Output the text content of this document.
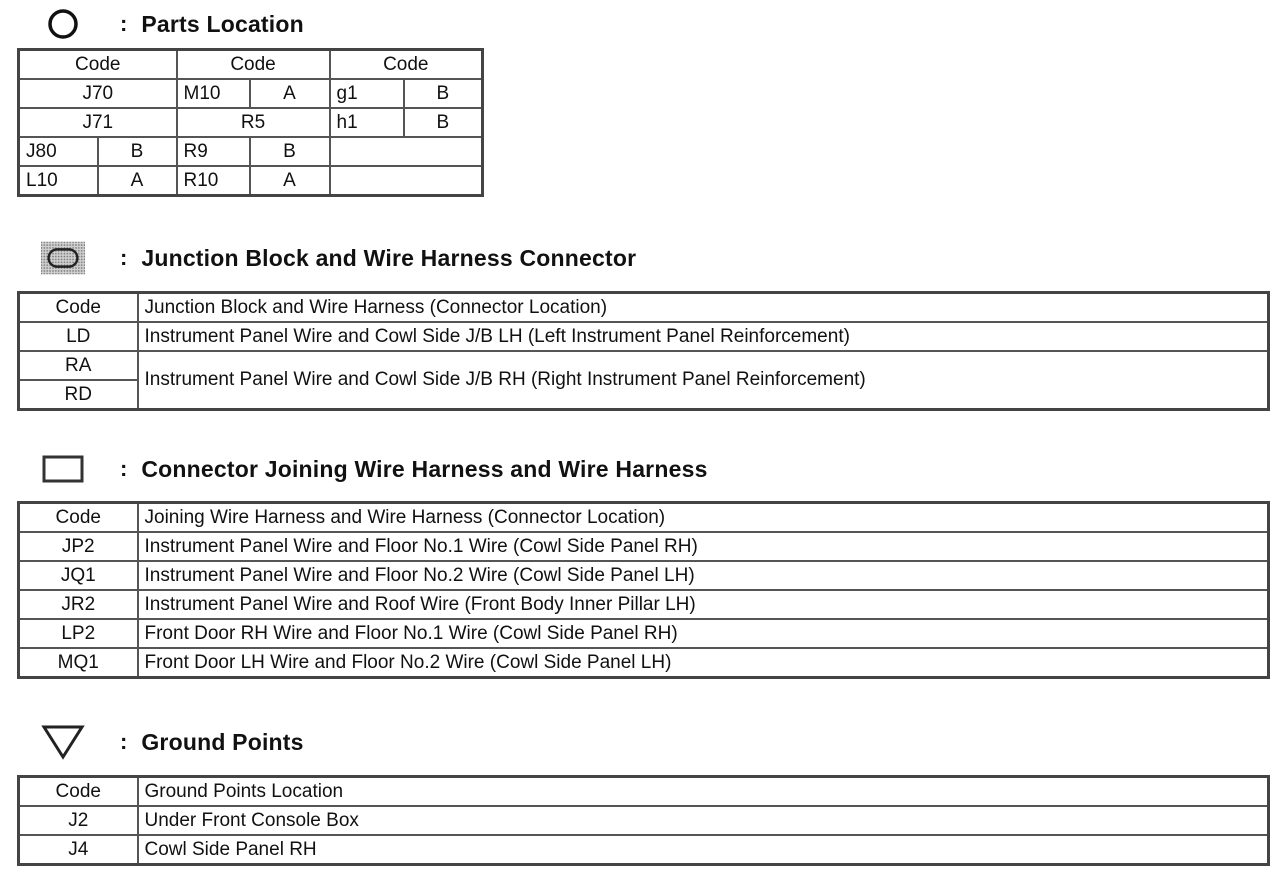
: Parts Location
Code		Code		Code	
J70		M10	A	g1	B
J71		R5		h1	B
J80	B	R9	B		
L10	A	R10	A		
: Junction Block and Wire Harness Connector
Code	Junction Block and Wire Harness (Connector Location)
LD	Instrument Panel Wire and Cowl Side J/B LH (Left Instrument Panel Reinforcement)
RA	Instrument Panel Wire and Cowl Side J/B RH (Right Instrument Panel Reinforcement)
RD	
: Connector Joining Wire Harness and Wire Harness
Code	Joining Wire Harness and Wire Harness (Connector Location)
JP2	Instrument Panel Wire and Floor No.1 Wire (Cowl Side Panel RH)
JQ1	Instrument Panel Wire and Floor No.2 Wire (Cowl Side Panel LH)
JR2	Instrument Panel Wire and Roof Wire (Front Body Inner Pillar LH)
LP2	Front Door RH Wire and Floor No.1 Wire (Cowl Side Panel RH)
MQ1	Front Door LH Wire and Floor No.2 Wire (Cowl Side Panel LH)
: Ground Points
Code	Ground Points Location
J2	Under Front Console Box
J4	Cowl Side Panel RH
